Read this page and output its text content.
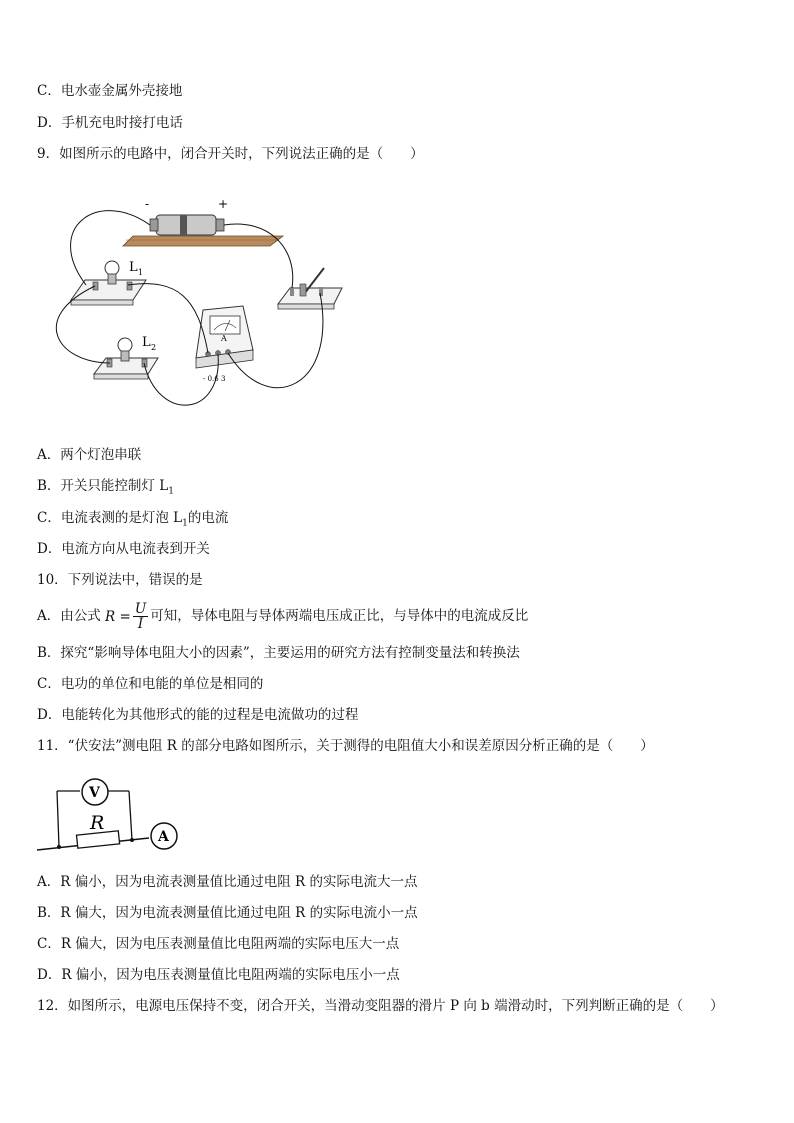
C．电水壶金属外壳接地
D．手机充电时接打电话
9．如图所示的电路中，闭合开关时，下列说法正确的是（　　）
-	+
L 1
L 2
A
- 0.6 3
A．两个灯泡串联
B．开关只能控制灯 $L_1$
C．电流表测的是灯泡 $L_1$的电流
D．电流方向从电流表到开关
10．下列说法中，错误的是
A．由公式 $R = \frac{U}{I}$ 可知，导体电阻与导体两端电压成正比，与导体中的电流成反比
B．探究“影响导体电阻大小的因素”，主要运用的研究方法有控制变量法和转换法
C．电功的单位和电能的单位是相同的
D．电能转化为其他形式的能的过程是电流做功的过程
11．“伏安法”测电阻 R 的部分电路如图所示，关于测得的电阻值大小和误差原因分析正确的是（　　）
V
R
A
A．R 偏小，因为电流表测量值比通过电阻 R 的实际电流大一点
B．R 偏大，因为电流表测量值比通过电阻 R 的实际电流小一点
C．R 偏大，因为电压表测量值比电阻两端的实际电压大一点
D．R 偏小，因为电压表测量值比电阻两端的实际电压小一点
12．如图所示，电源电压保持不变，闭合开关，当滑动变阻器的滑片 P 向 b 端滑动时，下列判断正确的是（　　）
